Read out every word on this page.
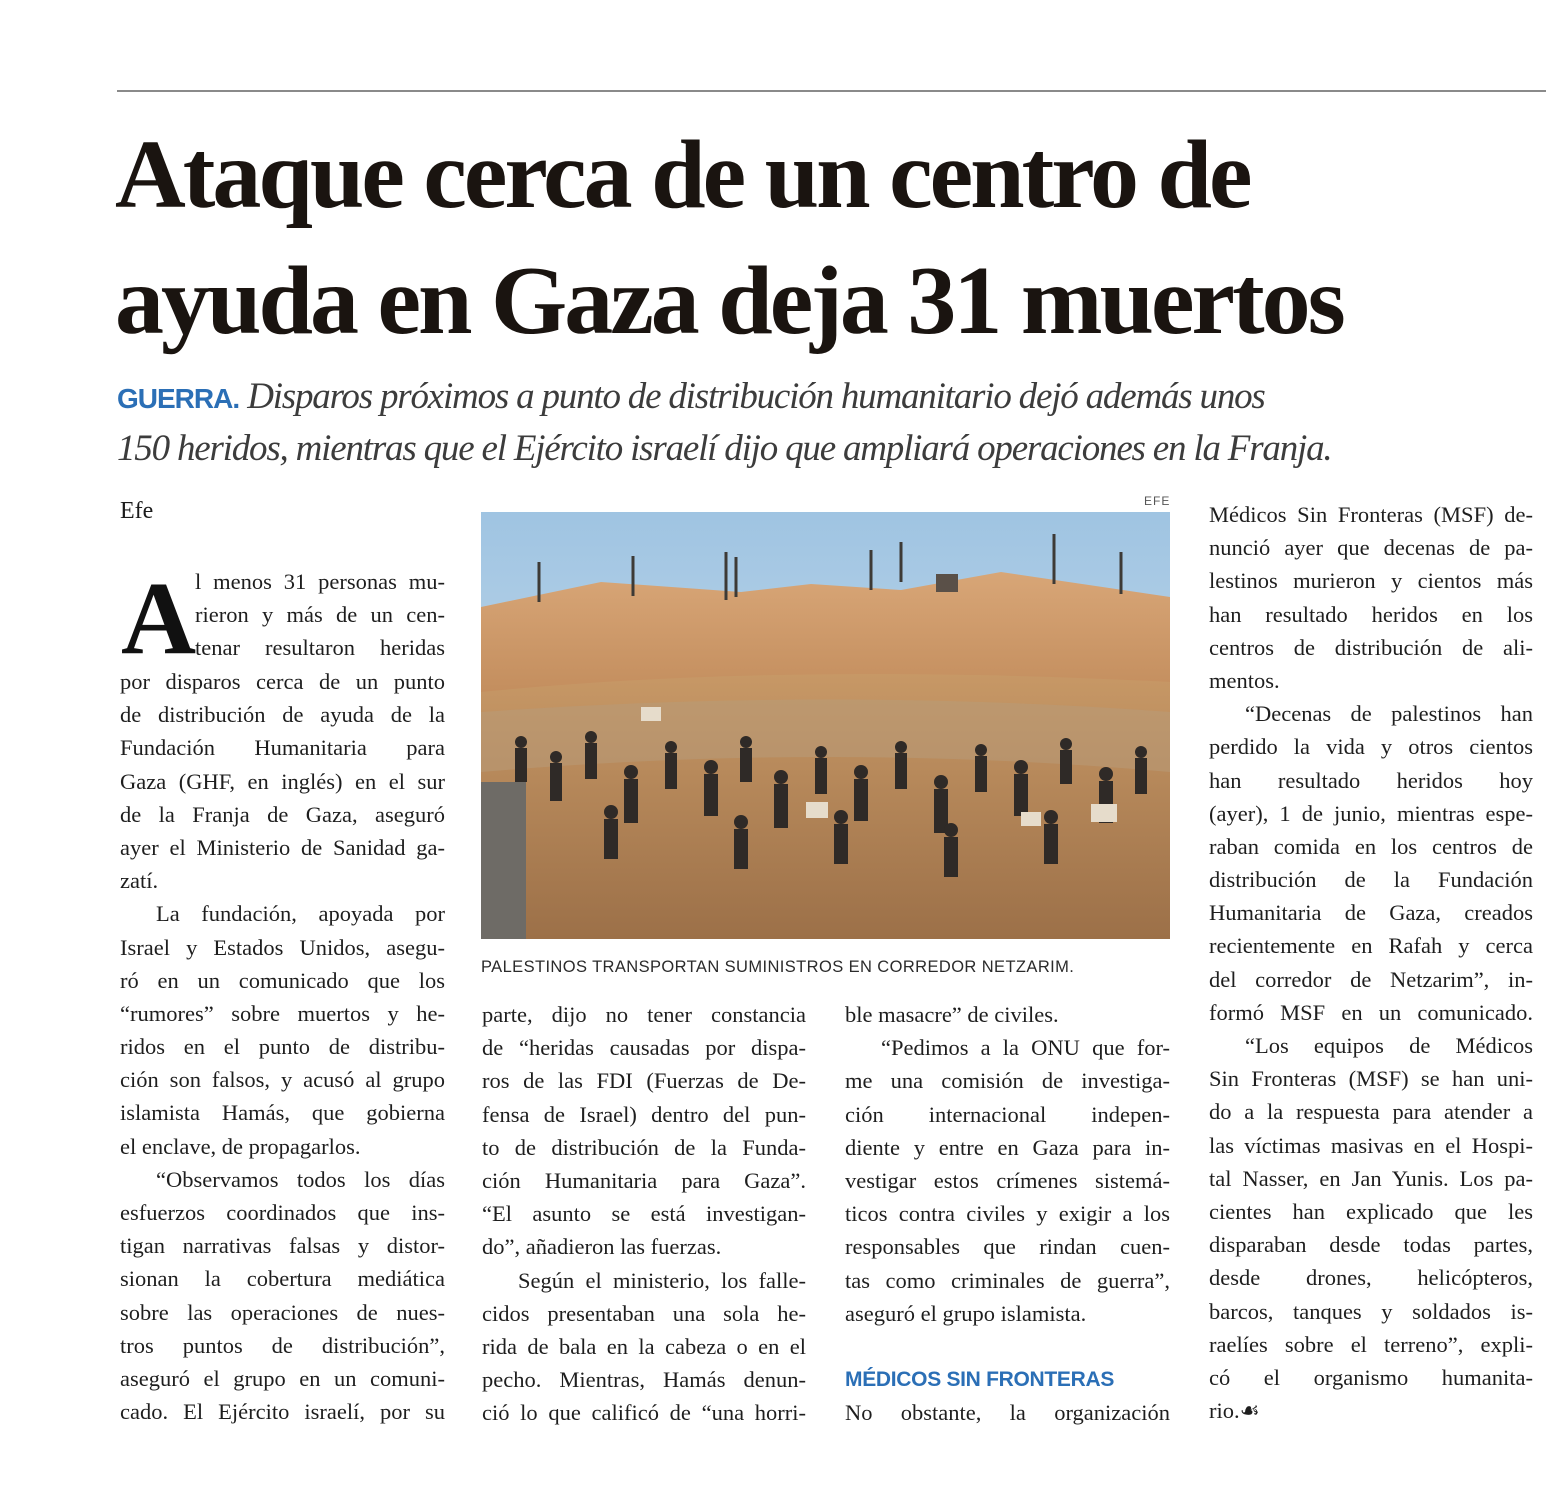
Ataque cerca de un centro de
ayuda en Gaza deja 31 muertos
GUERRA. Disparos próximos a punto de distribución humanitario dejó además unos
150 heridos, mientras que el Ejército israelí dijo que ampliará operaciones en la Franja.
Efe
A
l menos 31 personas mu-
rieron y más de un cen-
tenar resultaron heridas
por disparos cerca de un punto
de distribución de ayuda de la
Fundación Humanitaria para
Gaza (GHF, en inglés) en el sur
de la Franja de Gaza, aseguró
ayer el Ministerio de Sanidad ga-
zatí.
La fundación, apoyada por
Israel y Estados Unidos, asegu-
ró en un comunicado que los
“rumores” sobre muertos y he-
ridos en el punto de distribu-
ción son falsos, y acusó al grupo
islamista Hamás, que gobierna
el enclave, de propagarlos.
“Observamos todos los días
esfuerzos coordinados que ins-
tigan narrativas falsas y distor-
sionan la cobertura mediática
sobre las operaciones de nues-
tros puntos de distribución”,
aseguró el grupo en un comuni-
cado. El Ejército israelí, por su
EFE
PALESTINOS TRANSPORTAN SUMINISTROS EN CORREDOR NETZARIM.
parte, dijo no tener constancia
de “heridas causadas por dispa-
ros de las FDI (Fuerzas de De-
fensa de Israel) dentro del pun-
to de distribución de la Funda-
ción Humanitaria para Gaza”.
“El asunto se está investigan-
do”, añadieron las fuerzas.
Según el ministerio, los falle-
cidos presentaban una sola he-
rida de bala en la cabeza o en el
pecho. Mientras, Hamás denun-
ció lo que calificó de “una horri-
ble masacre” de civiles.
“Pedimos a la ONU que for-
me una comisión de investiga-
ción internacional indepen-
diente y entre en Gaza para in-
vestigar estos crímenes sistemá-
ticos contra civiles y exigir a los
responsables que rindan cuen-
tas como criminales de guerra”,
aseguró el grupo islamista.
MÉDICOS SIN FRONTERAS
No obstante, la organización
Médicos Sin Fronteras (MSF) de-
nunció ayer que decenas de pa-
lestinos murieron y cientos más
han resultado heridos en los
centros de distribución de ali-
mentos.
“Decenas de palestinos han
perdido la vida y otros cientos
han resultado heridos hoy
(ayer), 1 de junio, mientras espe-
raban comida en los centros de
distribución de la Fundación
Humanitaria de Gaza, creados
recientemente en Rafah y cerca
del corredor de Netzarim”, in-
formó MSF en un comunicado.
“Los equipos de Médicos
Sin Fronteras (MSF) se han uni-
do a la respuesta para atender a
las víctimas masivas en el Hospi-
tal Nasser, en Jan Yunis. Los pa-
cientes han explicado que les
disparaban desde todas partes,
desde drones, helicópteros,
barcos, tanques y soldados is-
raelíes sobre el terreno”, expli-
có el organismo humanita-
rio.☙
